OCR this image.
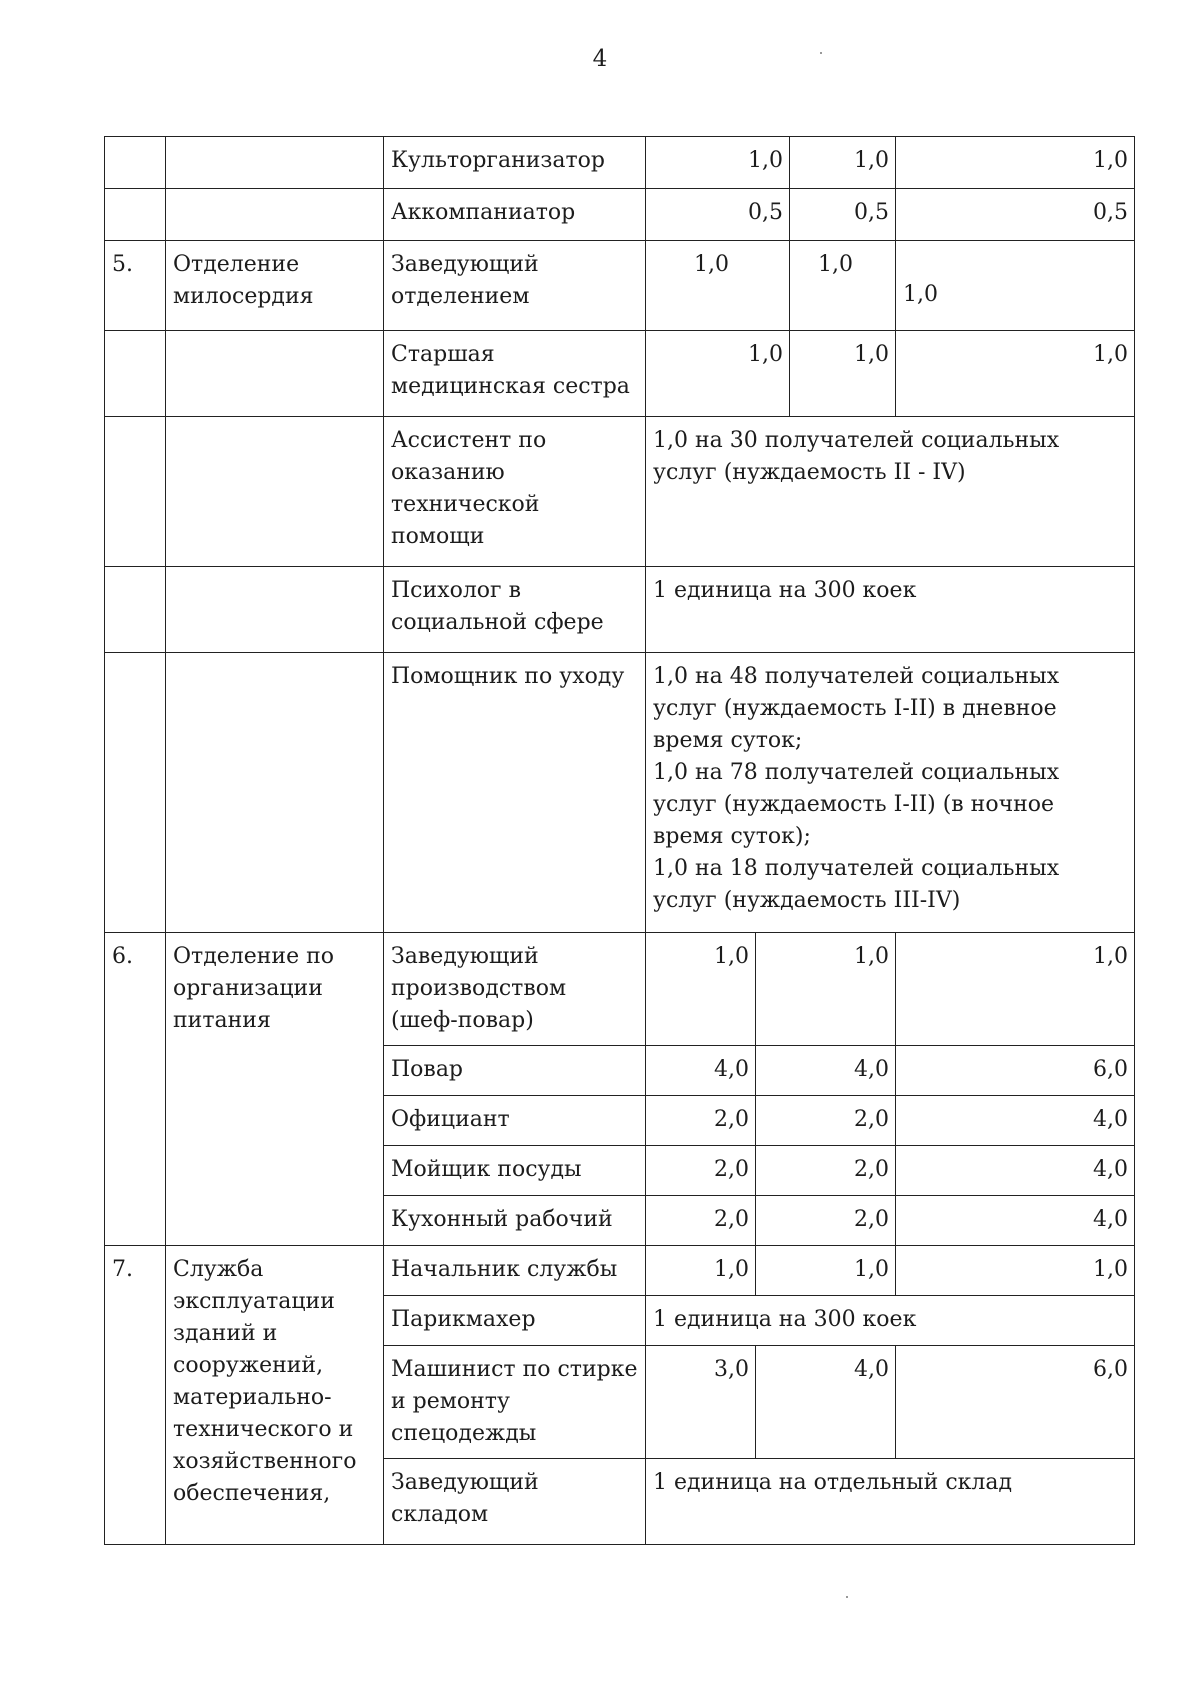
4
		Культорганизатор	1,0		1,0	1,0
		Аккомпаниатор	0,5		0,5	0,5
5.	Отделение милосердия	Заведующий отделением	1,0		1,0	1,0
		Старшая медицинская сестра	1,0		1,0	1,0
		Ассистент по оказанию технической помощи	1,0 на 30 получателей социальных услуг (нуждаемость II - IV)			
		Психолог в социальной сфере	1 единица на 300 коек			
		Помощник по уходу	1,0 на 48 получателей социальных услуг (нуждаемость I-II) в дневное время суток;
1,0 на 78 получателей социальных услуг (нуждаемость I-II) (в ночное время суток);
1,0 на 18 получателей социальных услуг (нуждаемость III-IV)			

6.	Отделение по организации питания	Заведующий производством (шеф-повар)	1,0	1,0		1,0
		Повар	4,0	4,0		6,0
		Официант	2,0	2,0		4,0
		Мойщик посуды	2,0	2,0		4,0
		Кухонный рабочий	2,0	2,0		4,0
7.	Служба эксплуатации зданий и сооружений, материально-технического и хозяйственного обеспечения,	Начальник службы	1,0	1,0		1,0
		Парикмахер	1 единица на 300 коек			
		Машинист по стирке и ремонту спецодежды	3,0	4,0		6,0
		Заведующий складом	1 единица на отдельный склад			
